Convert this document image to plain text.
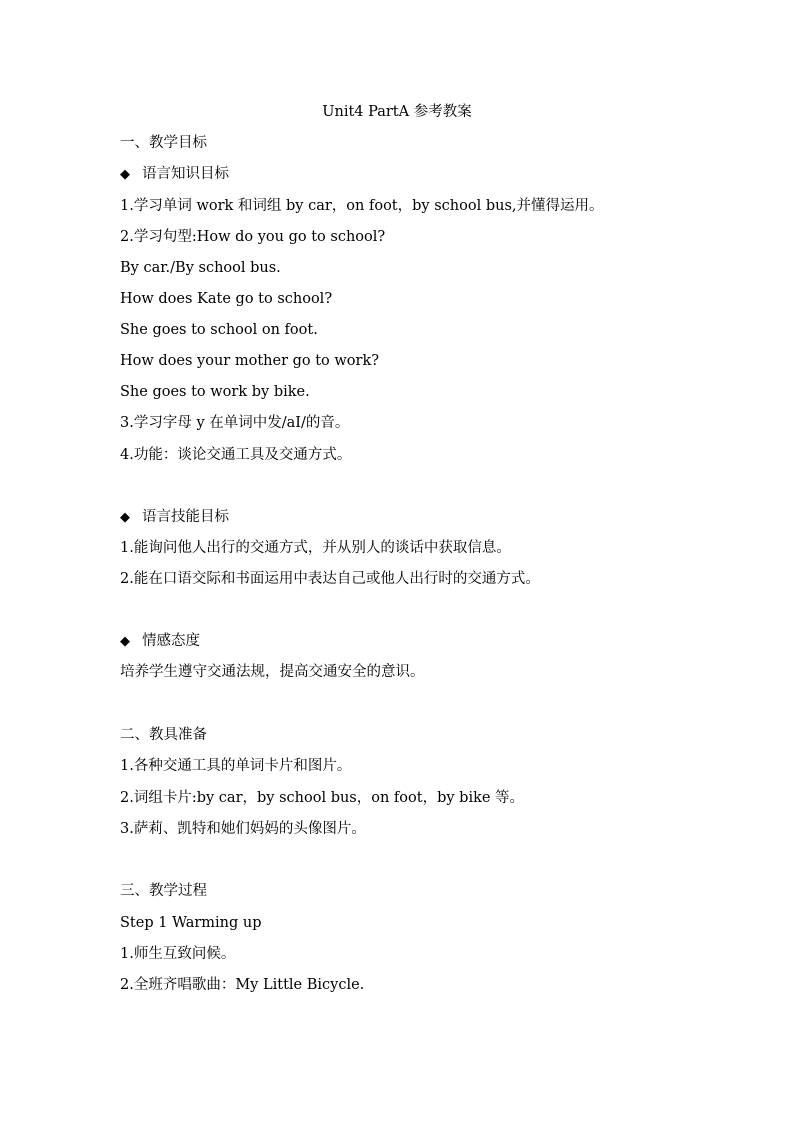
Unit4 PartA 参考教案
一、教学目标
◆ 语言知识目标
1.学习单词 work 和词组 by car，on foot，by school bus,并懂得运用。
2.学习句型:How do you go to school?
By car./By school bus.
How does Kate go to school?
She goes to school on foot.
How does your mother go to work?
She goes to work by bike.
3.学习字母 y 在单词中发/aⅠ/的音。
4.功能：谈论交通工具及交通方式。
◆ 语言技能目标
1.能询问他人出行的交通方式，并从别人的谈话中获取信息。
2.能在口语交际和书面运用中表达自己或他人出行时的交通方式。
◆ 情感态度
培养学生遵守交通法规，提高交通安全的意识。
二、教具准备
1.各种交通工具的单词卡片和图片。
2.词组卡片:by car，by school bus，on foot，by bike 等。
3.萨莉、凯特和她们妈妈的头像图片。
三、教学过程
Step 1 Warming up
1.师生互致问候。
2.全班齐唱歌曲：My Little Bicycle.
